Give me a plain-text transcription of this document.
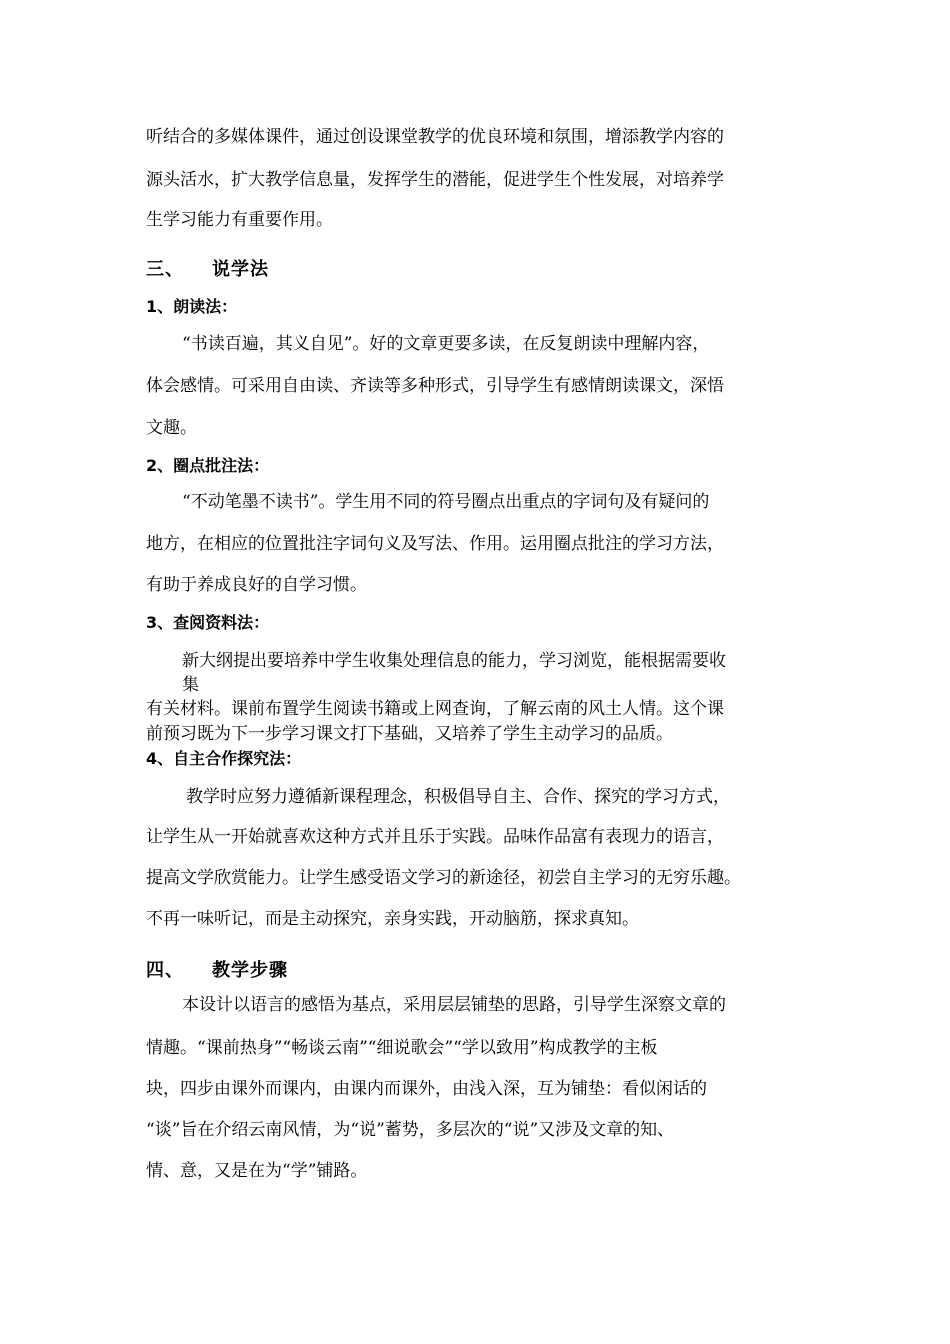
听结合的多媒体课件，通过创设课堂教学的优良环境和氛围，增添教学内容的
源头活水，扩大教学信息量，发挥学生的潜能，促进学生个性发展，对培养学
生学习能力有重要作用。
三、 说学法
1、朗读法：
“书读百遍，其义自见”。好的文章更要多读，在反复朗读中理解内容，
体会感情。可采用自由读、齐读等多种形式，引导学生有感情朗读课文，深悟
文趣。
2、圈点批注法：
“不动笔墨不读书”。学生用不同的符号圈点出重点的字词句及有疑问的
地方，在相应的位置批注字词句义及写法、作用。运用圈点批注的学习方法，
有助于养成良好的自学习惯。
3、查阅资料法：
新大纲提出要培养中学生收集处理信息的能力，学习浏览，能根据需要收
集
有关材料。课前布置学生阅读书籍或上网查询，了解云南的风土人情。这个课
前预习既为下一步学习课文打下基础，又培养了学生主动学习的品质。
4、自主合作探究法：
教学时应努力遵循新课程理念，积极倡导自主、合作、探究的学习方式，
让学生从一开始就喜欢这种方式并且乐于实践。品味作品富有表现力的语言，
提高文学欣赏能力。让学生感受语文学习的新途径，初尝自主学习的无穷乐趣。
不再一味听记，而是主动探究，亲身实践，开动脑筋，探求真知。
四、 教学步骤
本设计以语言的感悟为基点，采用层层铺垫的思路，引导学生深察文章的
情趣。“课前热身”“畅谈云南”“细说歌会”“学以致用”构成教学的主板
块，四步由课外而课内，由课内而课外，由浅入深，互为铺垫：看似闲话的
“谈”旨在介绍云南风情，为“说”蓄势，多层次的“说”又涉及文章的知、
情、意，又是在为“学”铺路。
